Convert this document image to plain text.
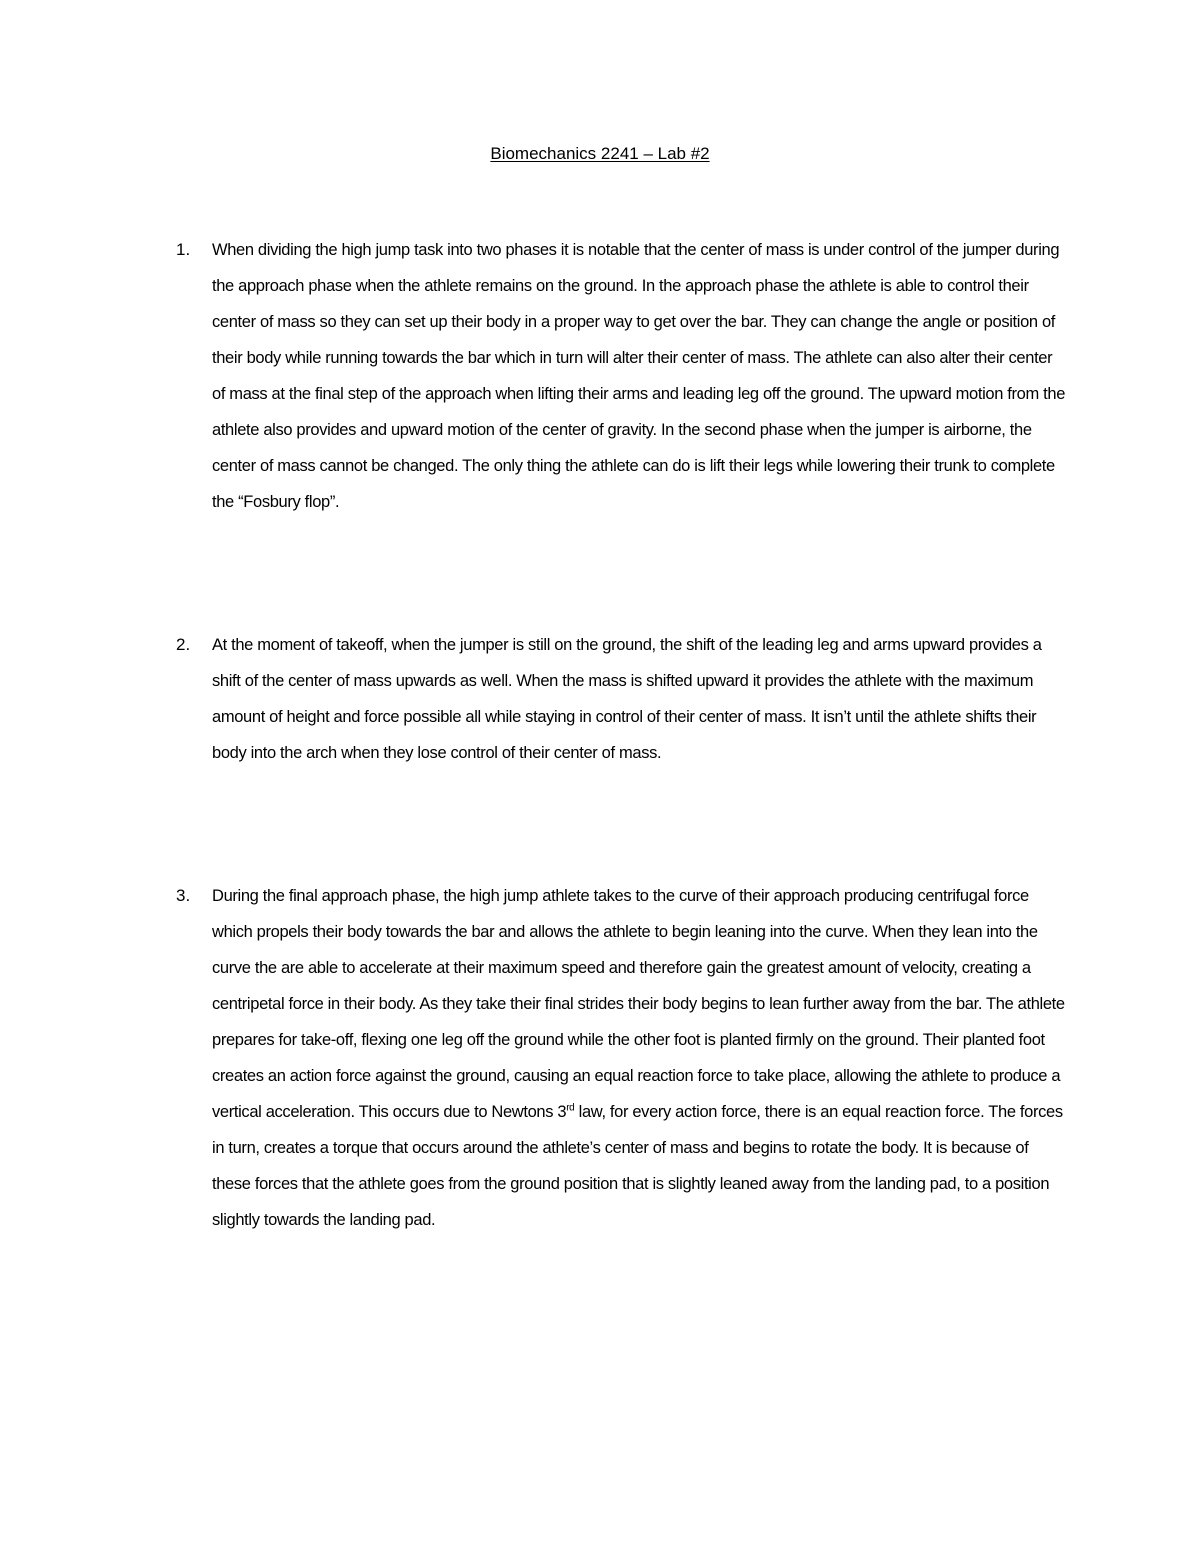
Biomechanics 2241 – Lab #2
1. When dividing the high jump task into two phases it is notable that the center of mass is under control of the jumper during the approach phase when the athlete remains on the ground. In the approach phase the athlete is able to control their center of mass so they can set up their body in a proper way to get over the bar. They can change the angle or position of their body while running towards the bar which in turn will alter their center of mass. The athlete can also alter their center of mass at the final step of the approach when lifting their arms and leading leg off the ground. The upward motion from the athlete also provides and upward motion of the center of gravity. In the second phase when the jumper is airborne, the center of mass cannot be changed. The only thing the athlete can do is lift their legs while lowering their trunk to complete the “Fosbury flop”.
2. At the moment of takeoff, when the jumper is still on the ground, the shift of the leading leg and arms upward provides a shift of the center of mass upwards as well. When the mass is shifted upward it provides the athlete with the maximum amount of height and force possible all while staying in control of their center of mass. It isn’t until the athlete shifts their body into the arch when they lose control of their center of mass.
3. During the final approach phase, the high jump athlete takes to the curve of their approach producing centrifugal force which propels their body towards the bar and allows the athlete to begin leaning into the curve. When they lean into the curve the are able to accelerate at their maximum speed and therefore gain the greatest amount of velocity, creating a centripetal force in their body. As they take their final strides their body begins to lean further away from the bar. The athlete prepares for take-off, flexing one leg off the ground while the other foot is planted firmly on the ground. Their planted foot creates an action force against the ground, causing an equal reaction force to take place, allowing the athlete to produce a vertical acceleration. This occurs due to Newtons 3rd law, for every action force, there is an equal reaction force. The forces in turn, creates a torque that occurs around the athlete’s center of mass and begins to rotate the body. It is because of these forces that the athlete goes from the ground position that is slightly leaned away from the landing pad, to a position slightly towards the landing pad.
